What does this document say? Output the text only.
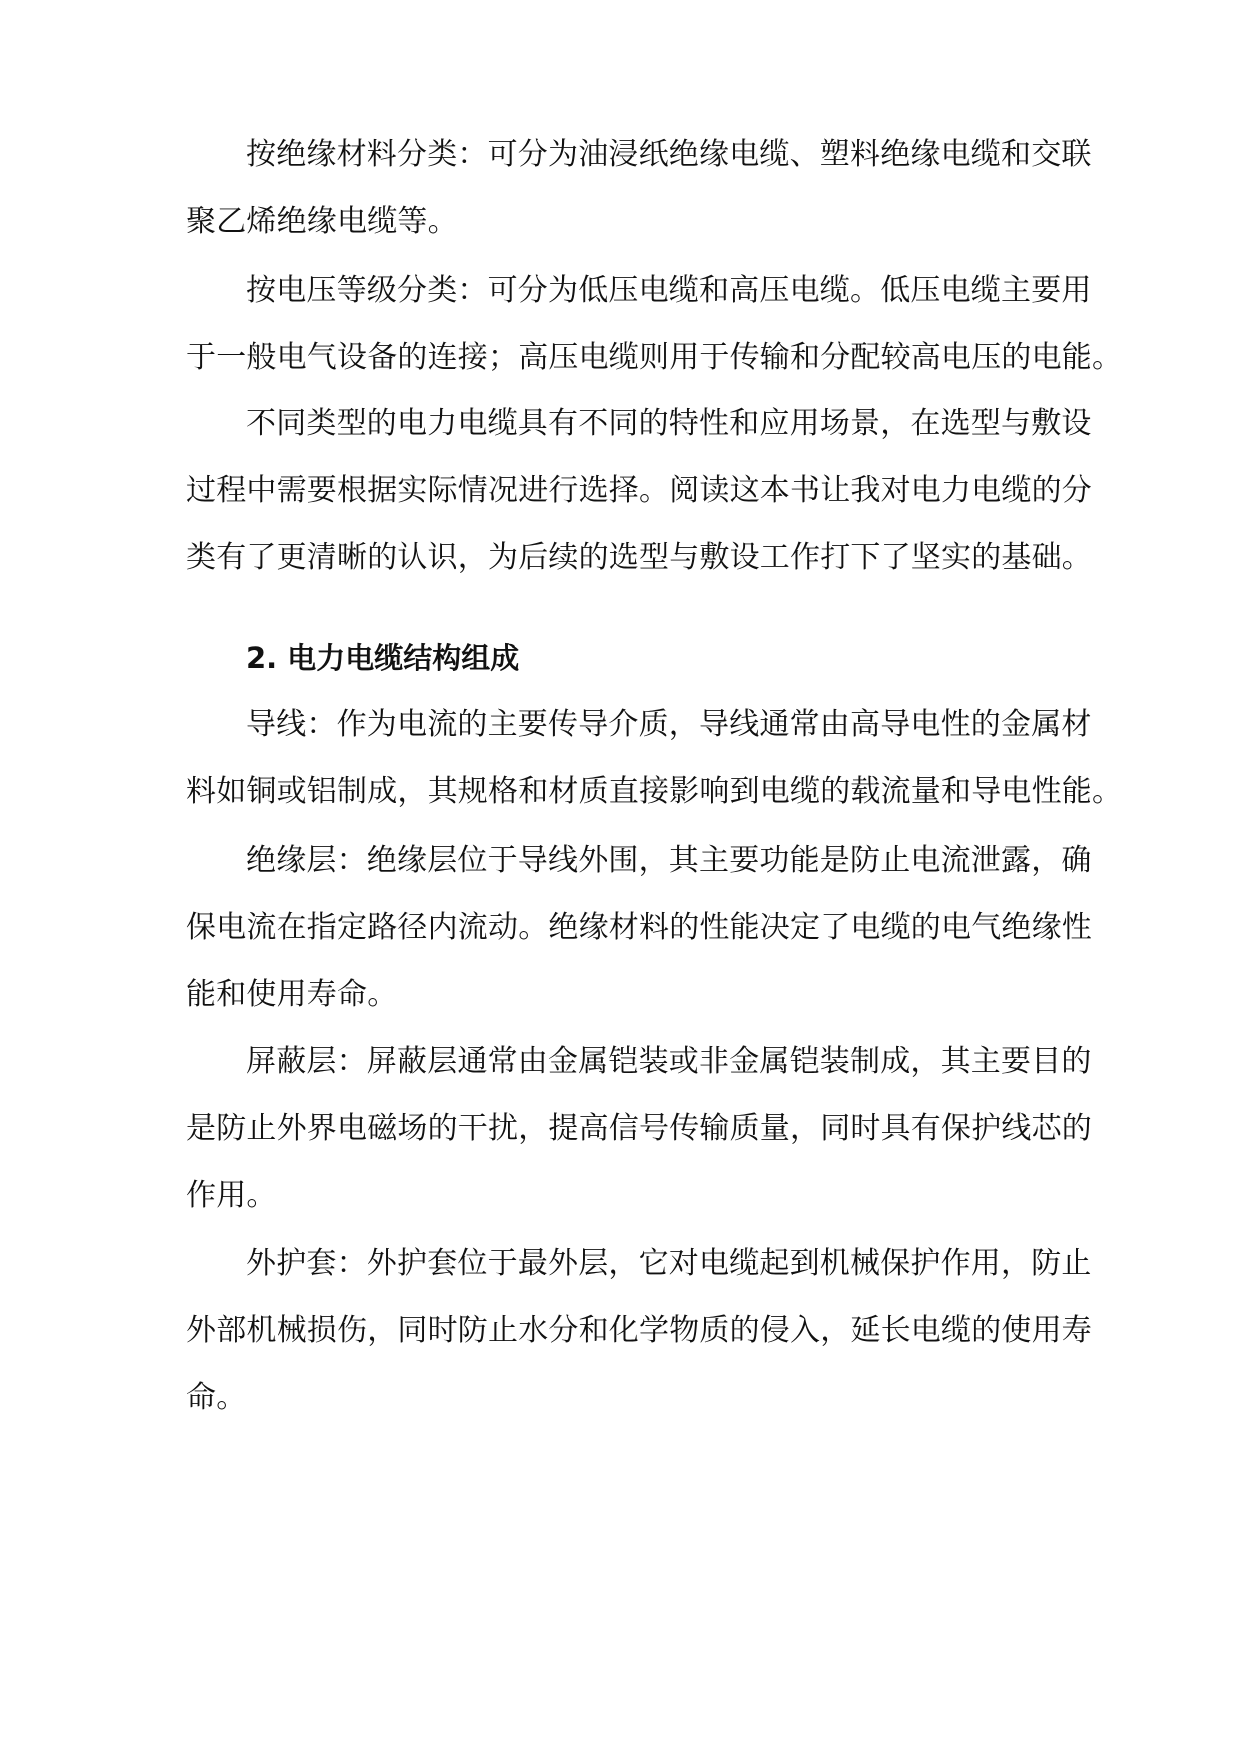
按绝缘材料分类：可分为油浸纸绝缘电缆、塑料绝缘电缆和交联
聚乙烯绝缘电缆等。
按电压等级分类：可分为低压电缆和高压电缆。低压电缆主要用
于一般电气设备的连接；高压电缆则用于传输和分配较高电压的电能。
不同类型的电力电缆具有不同的特性和应用场景，在选型与敷设
过程中需要根据实际情况进行选择。阅读这本书让我对电力电缆的分
类有了更清晰的认识，为后续的选型与敷设工作打下了坚实的基础。
2. 电力电缆结构组成
导线：作为电流的主要传导介质，导线通常由高导电性的金属材
料如铜或铝制成，其规格和材质直接影响到电缆的载流量和导电性能。
绝缘层：绝缘层位于导线外围，其主要功能是防止电流泄露，确
保电流在指定路径内流动。绝缘材料的性能决定了电缆的电气绝缘性
能和使用寿命。
屏蔽层：屏蔽层通常由金属铠装或非金属铠装制成，其主要目的
是防止外界电磁场的干扰，提高信号传输质量，同时具有保护线芯的
作用。
外护套：外护套位于最外层，它对电缆起到机械保护作用，防止
外部机械损伤，同时防止水分和化学物质的侵入，延长电缆的使用寿
命。
